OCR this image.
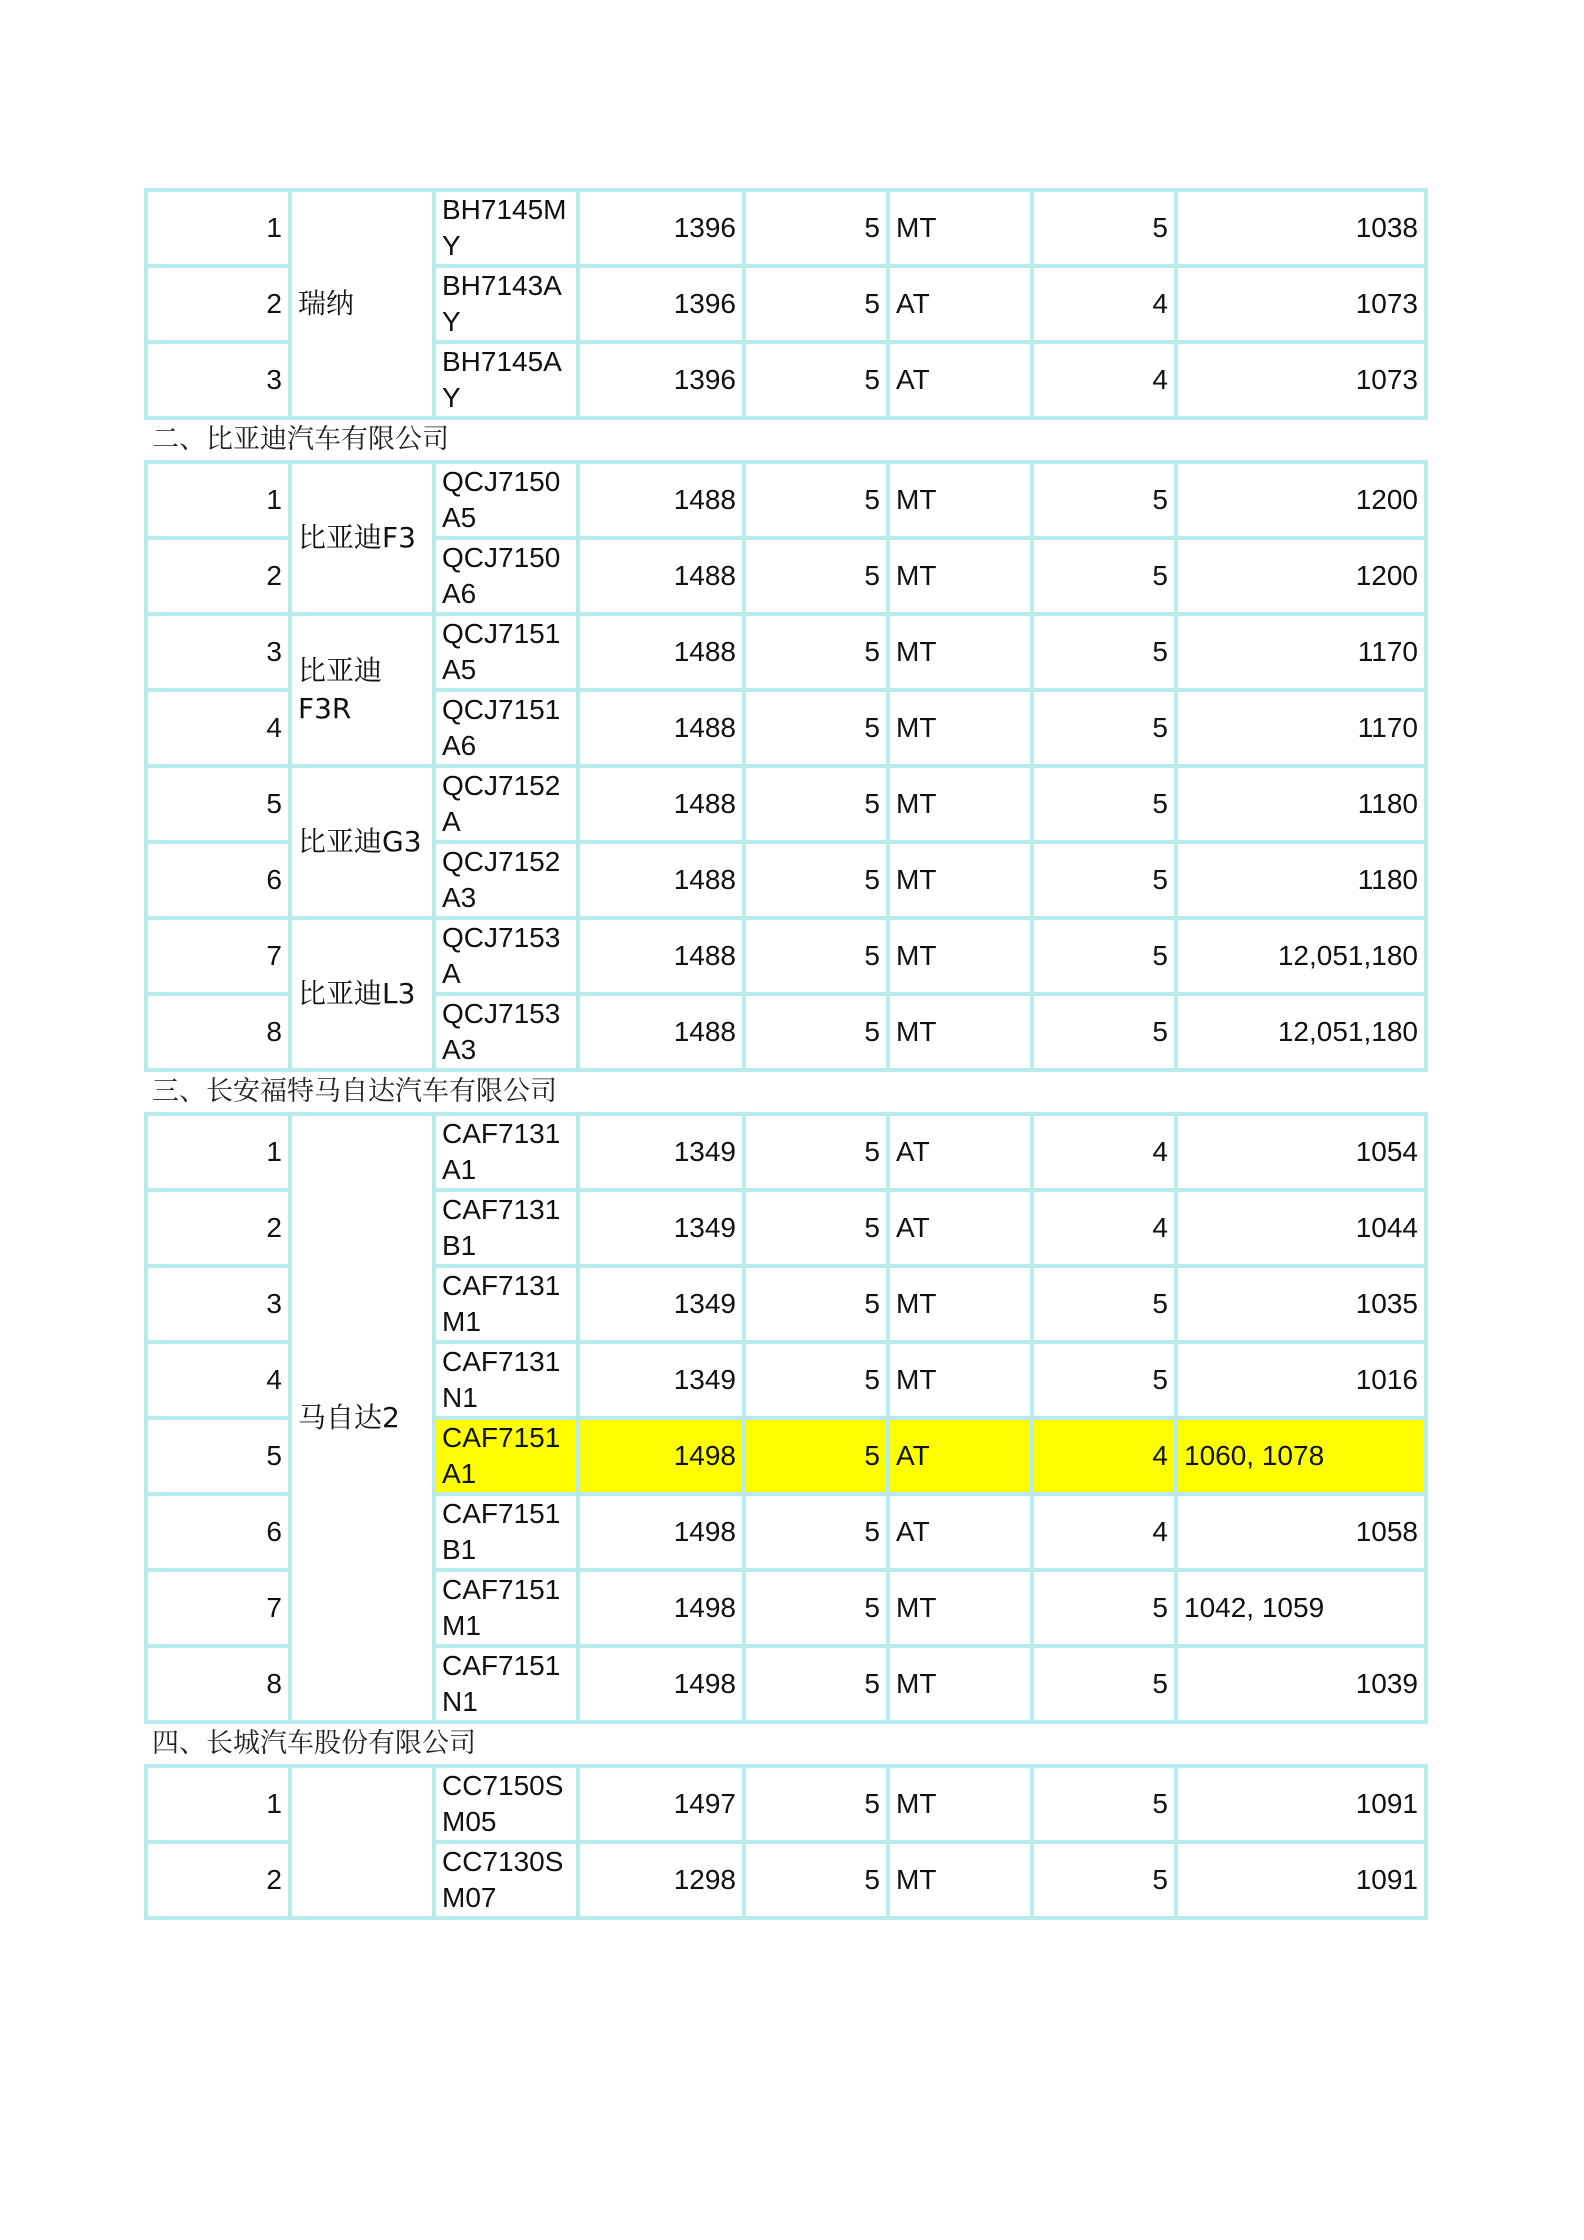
1	瑞纳	BH7145MY	1396	5	MT	5	1038
2		BH7143AY	1396	5	AT	4	1073
3		BH7145AY	1396	5	AT	4	1073
二、比亚迪汽车有限公司
1	比亚迪F3	QCJ7150A5	1488	5	MT	5	1200
2		QCJ7150A6	1488	5	MT	5	1200
3	比亚迪F3R	QCJ7151A5	1488	5	MT	5	1170
4		QCJ7151A6	1488	5	MT	5	1170
5	比亚迪G3	QCJ7152A	1488	5	MT	5	1180
6		QCJ7152A3	1488	5	MT	5	1180
7	比亚迪L3	QCJ7153A	1488	5	MT	5	12,051,180
8		QCJ7153A3	1488	5	MT	5	12,051,180
三、长安福特马自达汽车有限公司
1	马自达2	CAF7131A1	1349	5	AT	4	1054
2		CAF7131B1	1349	5	AT	4	1044
3		CAF7131M1	1349	5	MT	5	1035
4		CAF7131N1	1349	5	MT	5	1016
5		CAF7151A1	1498	5	AT	4	1060, 1078
6		CAF7151B1	1498	5	AT	4	1058
7		CAF7151M1	1498	5	MT	5	1042, 1059
8		CAF7151N1	1498	5	MT	5	1039
四、长城汽车股份有限公司
1		CC7150SM05	1497	5	MT	5	1091
2		CC7130SM07	1298	5	MT	5	1091
